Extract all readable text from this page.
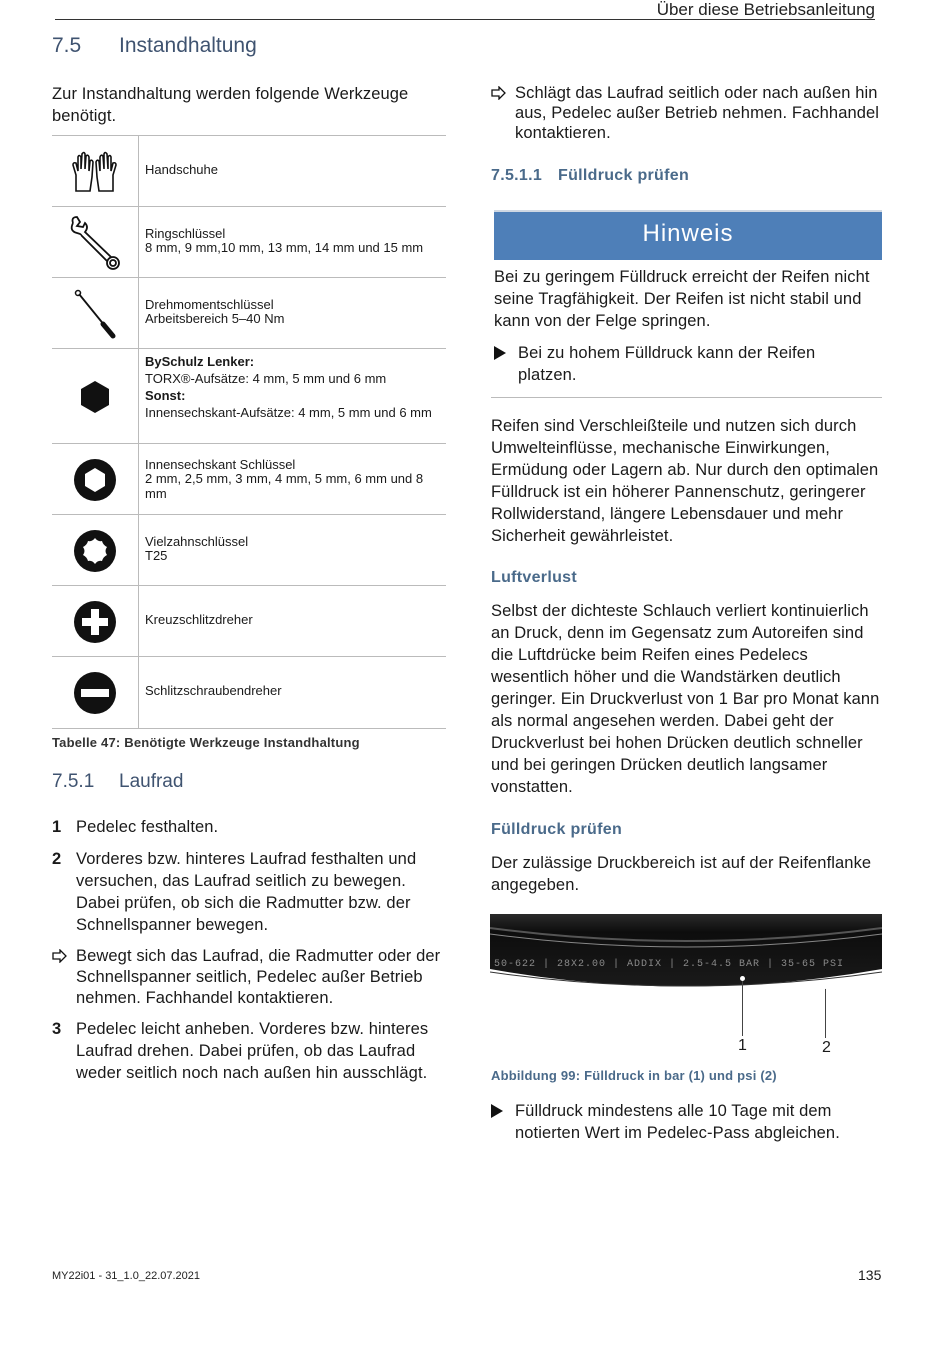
Über diese Betriebsanleitung
7.5 Instandhaltung
Zur Instandhaltung werden folgende Werkzeuge benötigt.
Handschuhe
Ringschlüssel
8 mm, 9 mm,10 mm, 13 mm, 14 mm und 15 mm
Drehmomentschlüssel
Arbeitsbereich 5–40 Nm
BySchulz Lenker:
TORX®-Aufsätze: 4 mm, 5 mm und 6 mm
Sonst:
Innensechskant-Aufsätze: 4 mm, 5 mm und 6 mm
Innensechskant Schlüssel
2 mm, 2,5 mm, 3 mm, 4 mm, 5 mm, 6 mm und 8 mm
Vielzahnschlüssel
T25
Kreuzschlitzdreher
Schlitzschraubendreher
Tabelle 47: Benötigte Werkzeuge Instandhaltung
7.5.1 Laufrad
1 Pedelec festhalten.
2 Vorderes bzw. hinteres Laufrad festhalten und versuchen, das Laufrad seitlich zu bewegen. Dabei prüfen, ob sich die Radmutter bzw. der Schnellspanner bewegen.
Bewegt sich das Laufrad, die Radmutter oder der Schnellspanner seitlich, Pedelec außer Betrieb nehmen. Fachhandel kontaktieren.
3 Pedelec leicht anheben. Vorderes bzw. hinteres Laufrad drehen. Dabei prüfen, ob das Laufrad weder seitlich noch nach außen hin ausschlägt.
Schlägt das Laufrad seitlich oder nach außen hin aus, Pedelec außer Betrieb nehmen. Fachhandel kontaktieren.
7.5.1.1 Fülldruck prüfen
Hinweis
Bei zu geringem Fülldruck erreicht der Reifen nicht seine Tragfähigkeit. Der Reifen ist nicht stabil und kann von der Felge springen.
Bei zu hohem Fülldruck kann der Reifen platzen.
Reifen sind Verschleißteile und nutzen sich durch Umwelteinflüsse, mechanische Einwirkungen, Ermüdung oder Lagern ab. Nur durch den optimalen Fülldruck ist ein höherer Pannenschutz, geringerer Rollwiderstand, längere Lebensdauer und mehr Sicherheit gewährleistet.
Luftverlust
Selbst der dichteste Schlauch verliert kontinuierlich an Druck, denn im Gegensatz zum Autoreifen sind die Luftdrücke beim Reifen eines Pedelecs wesentlich höher und die Wandstärken deutlich geringer. Ein Druckverlust von 1 Bar pro Monat kann als normal angesehen werden. Dabei geht der Druckverlust bei hohen Drücken deutlich schneller und bei geringen Drücken deutlich langsamer vonstatten.
Fülldruck prüfen
Der zulässige Druckbereich ist auf der Reifenflanke angegeben.
50-622 | 28X2.00 | ADDIX | 2.5-4.5 BAR | 35-65 PSI
1	2
Abbildung 99: Fülldruck in bar (1) und psi (2)
Fülldruck mindestens alle 10 Tage mit dem notierten Wert im Pedelec-Pass abgleichen.
MY22i01 - 31_1.0_22.07.2021	135
